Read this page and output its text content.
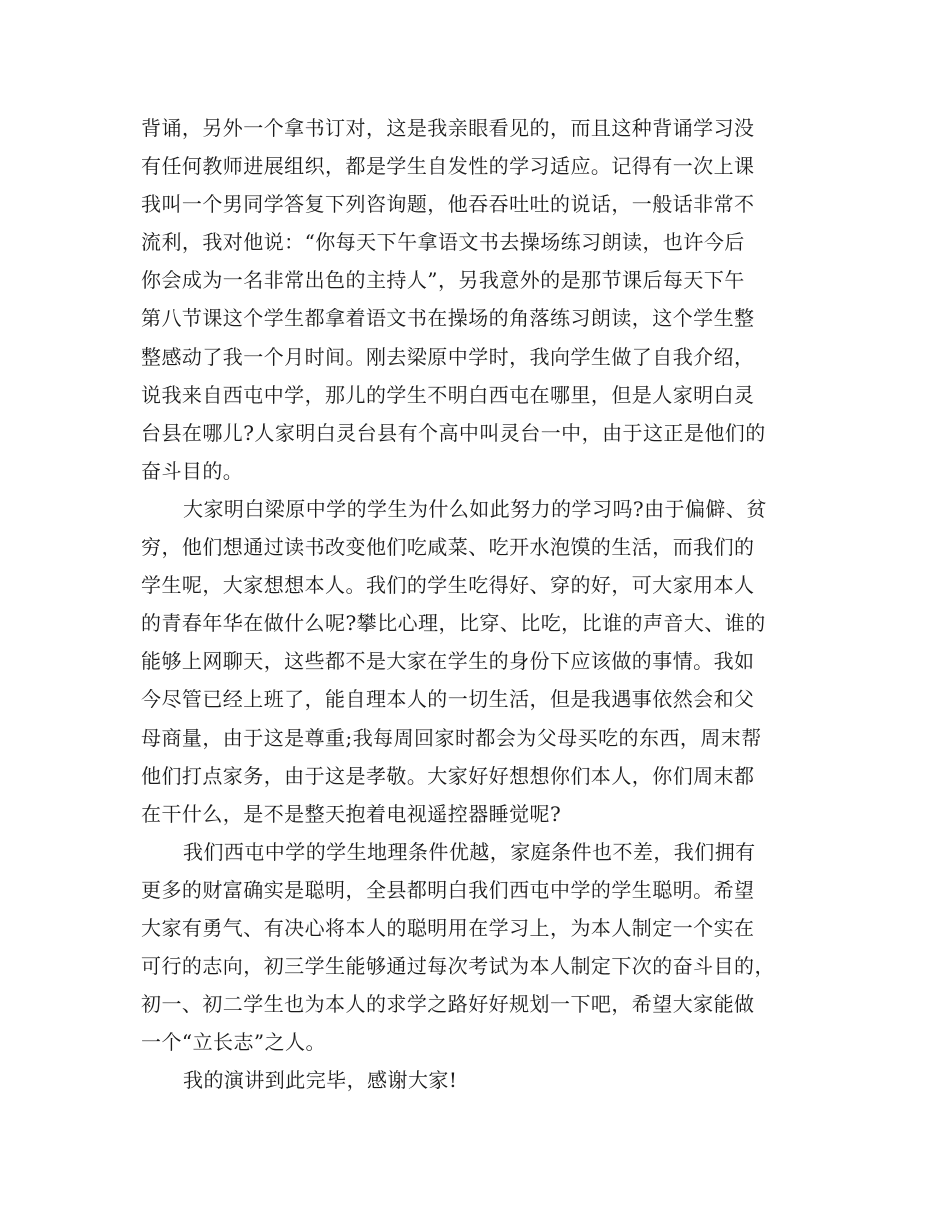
背诵，另外一个拿书订对，这是我亲眼看见的，而且这种背诵学习没
有任何教师进展组织，都是学生自发性的学习适应。记得有一次上课
我叫一个男同学答复下列咨询题，他吞吞吐吐的说话，一般话非常不
流利，我对他说：“你每天下午拿语文书去操场练习朗读，也许今后
你会成为一名非常出色的主持人”，另我意外的是那节课后每天下午
第八节课这个学生都拿着语文书在操场的角落练习朗读，这个学生整
整感动了我一个月时间。刚去梁原中学时，我向学生做了自我介绍，
说我来自西屯中学，那儿的学生不明白西屯在哪里，但是人家明白灵
台县在哪儿?人家明白灵台县有个高中叫灵台一中，由于这正是他们的
奋斗目的。
大家明白梁原中学的学生为什么如此努力的学习吗?由于偏僻、贫
穷，他们想通过读书改变他们吃咸菜、吃开水泡馍的生活，而我们的
学生呢，大家想想本人。我们的学生吃得好、穿的好，可大家用本人
的青春年华在做什么呢?攀比心理，比穿、比吃，比谁的声音大、谁的
能够上网聊天，这些都不是大家在学生的身份下应该做的事情。我如
今尽管已经上班了，能自理本人的一切生活，但是我遇事依然会和父
母商量，由于这是尊重;我每周回家时都会为父母买吃的东西，周末帮
他们打点家务，由于这是孝敬。大家好好想想你们本人，你们周末都
在干什么，是不是整天抱着电视遥控器睡觉呢?
我们西屯中学的学生地理条件优越，家庭条件也不差，我们拥有
更多的财富确实是聪明，全县都明白我们西屯中学的学生聪明。希望
大家有勇气、有决心将本人的聪明用在学习上，为本人制定一个实在
可行的志向，初三学生能够通过每次考试为本人制定下次的奋斗目的，
初一、初二学生也为本人的求学之路好好规划一下吧，希望大家能做
一个“立长志”之人。
我的演讲到此完毕，感谢大家!
